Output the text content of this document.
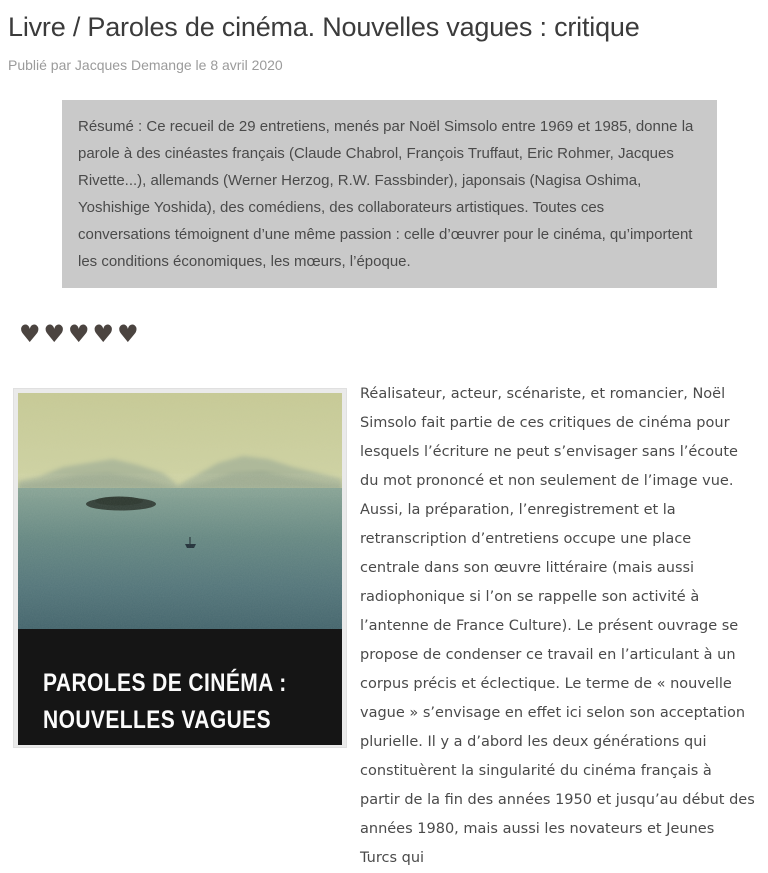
Livre / Paroles de cinéma. Nouvelles vagues : critique
Publié par Jacques Demange le 8 avril 2020
Résumé : Ce recueil de 29 entretiens, menés par Noël Simsolo entre 1969 et 1985, donne la parole à des cinéastes français (Claude Chabrol, François Truffaut, Eric Rohmer, Jacques Rivette...), allemands (Werner Herzog, R.W. Fassbinder), japonsais (Nagisa Oshima, Yoshishige Yoshida), des comédiens, des collaborateurs artistiques. Toutes ces conversations témoignent d’une même passion : celle d’œuvrer pour le cinéma, qu’importent les conditions économiques, les mœurs, l’époque.
♥♥♥♥♥
PAROLES DE CINÉMA :
NOUVELLES VAGUES
Réalisateur, acteur, scénariste, et romancier, Noël Simsolo fait partie de ces critiques de cinéma pour lesquels l’écriture ne peut s’envisager sans l’écoute du mot prononcé et non seulement de l’image vue. Aussi, la préparation, l’enregistrement et la retranscription d’entretiens occupe une place centrale dans son œuvre littéraire (mais aussi radiophonique si l’on se rappelle son activité à l’antenne de France Culture). Le présent ouvrage se propose de condenser ce travail en l’articulant à un corpus précis et éclectique. Le terme de « nouvelle vague » s’envisage en effet ici selon son acceptation plurielle. Il y a d’abord les deux générations qui constituèrent la singularité du cinéma français à partir de la fin des années 1950 et jusqu’au début des années 1980, mais aussi les novateurs et Jeunes Turcs qui
